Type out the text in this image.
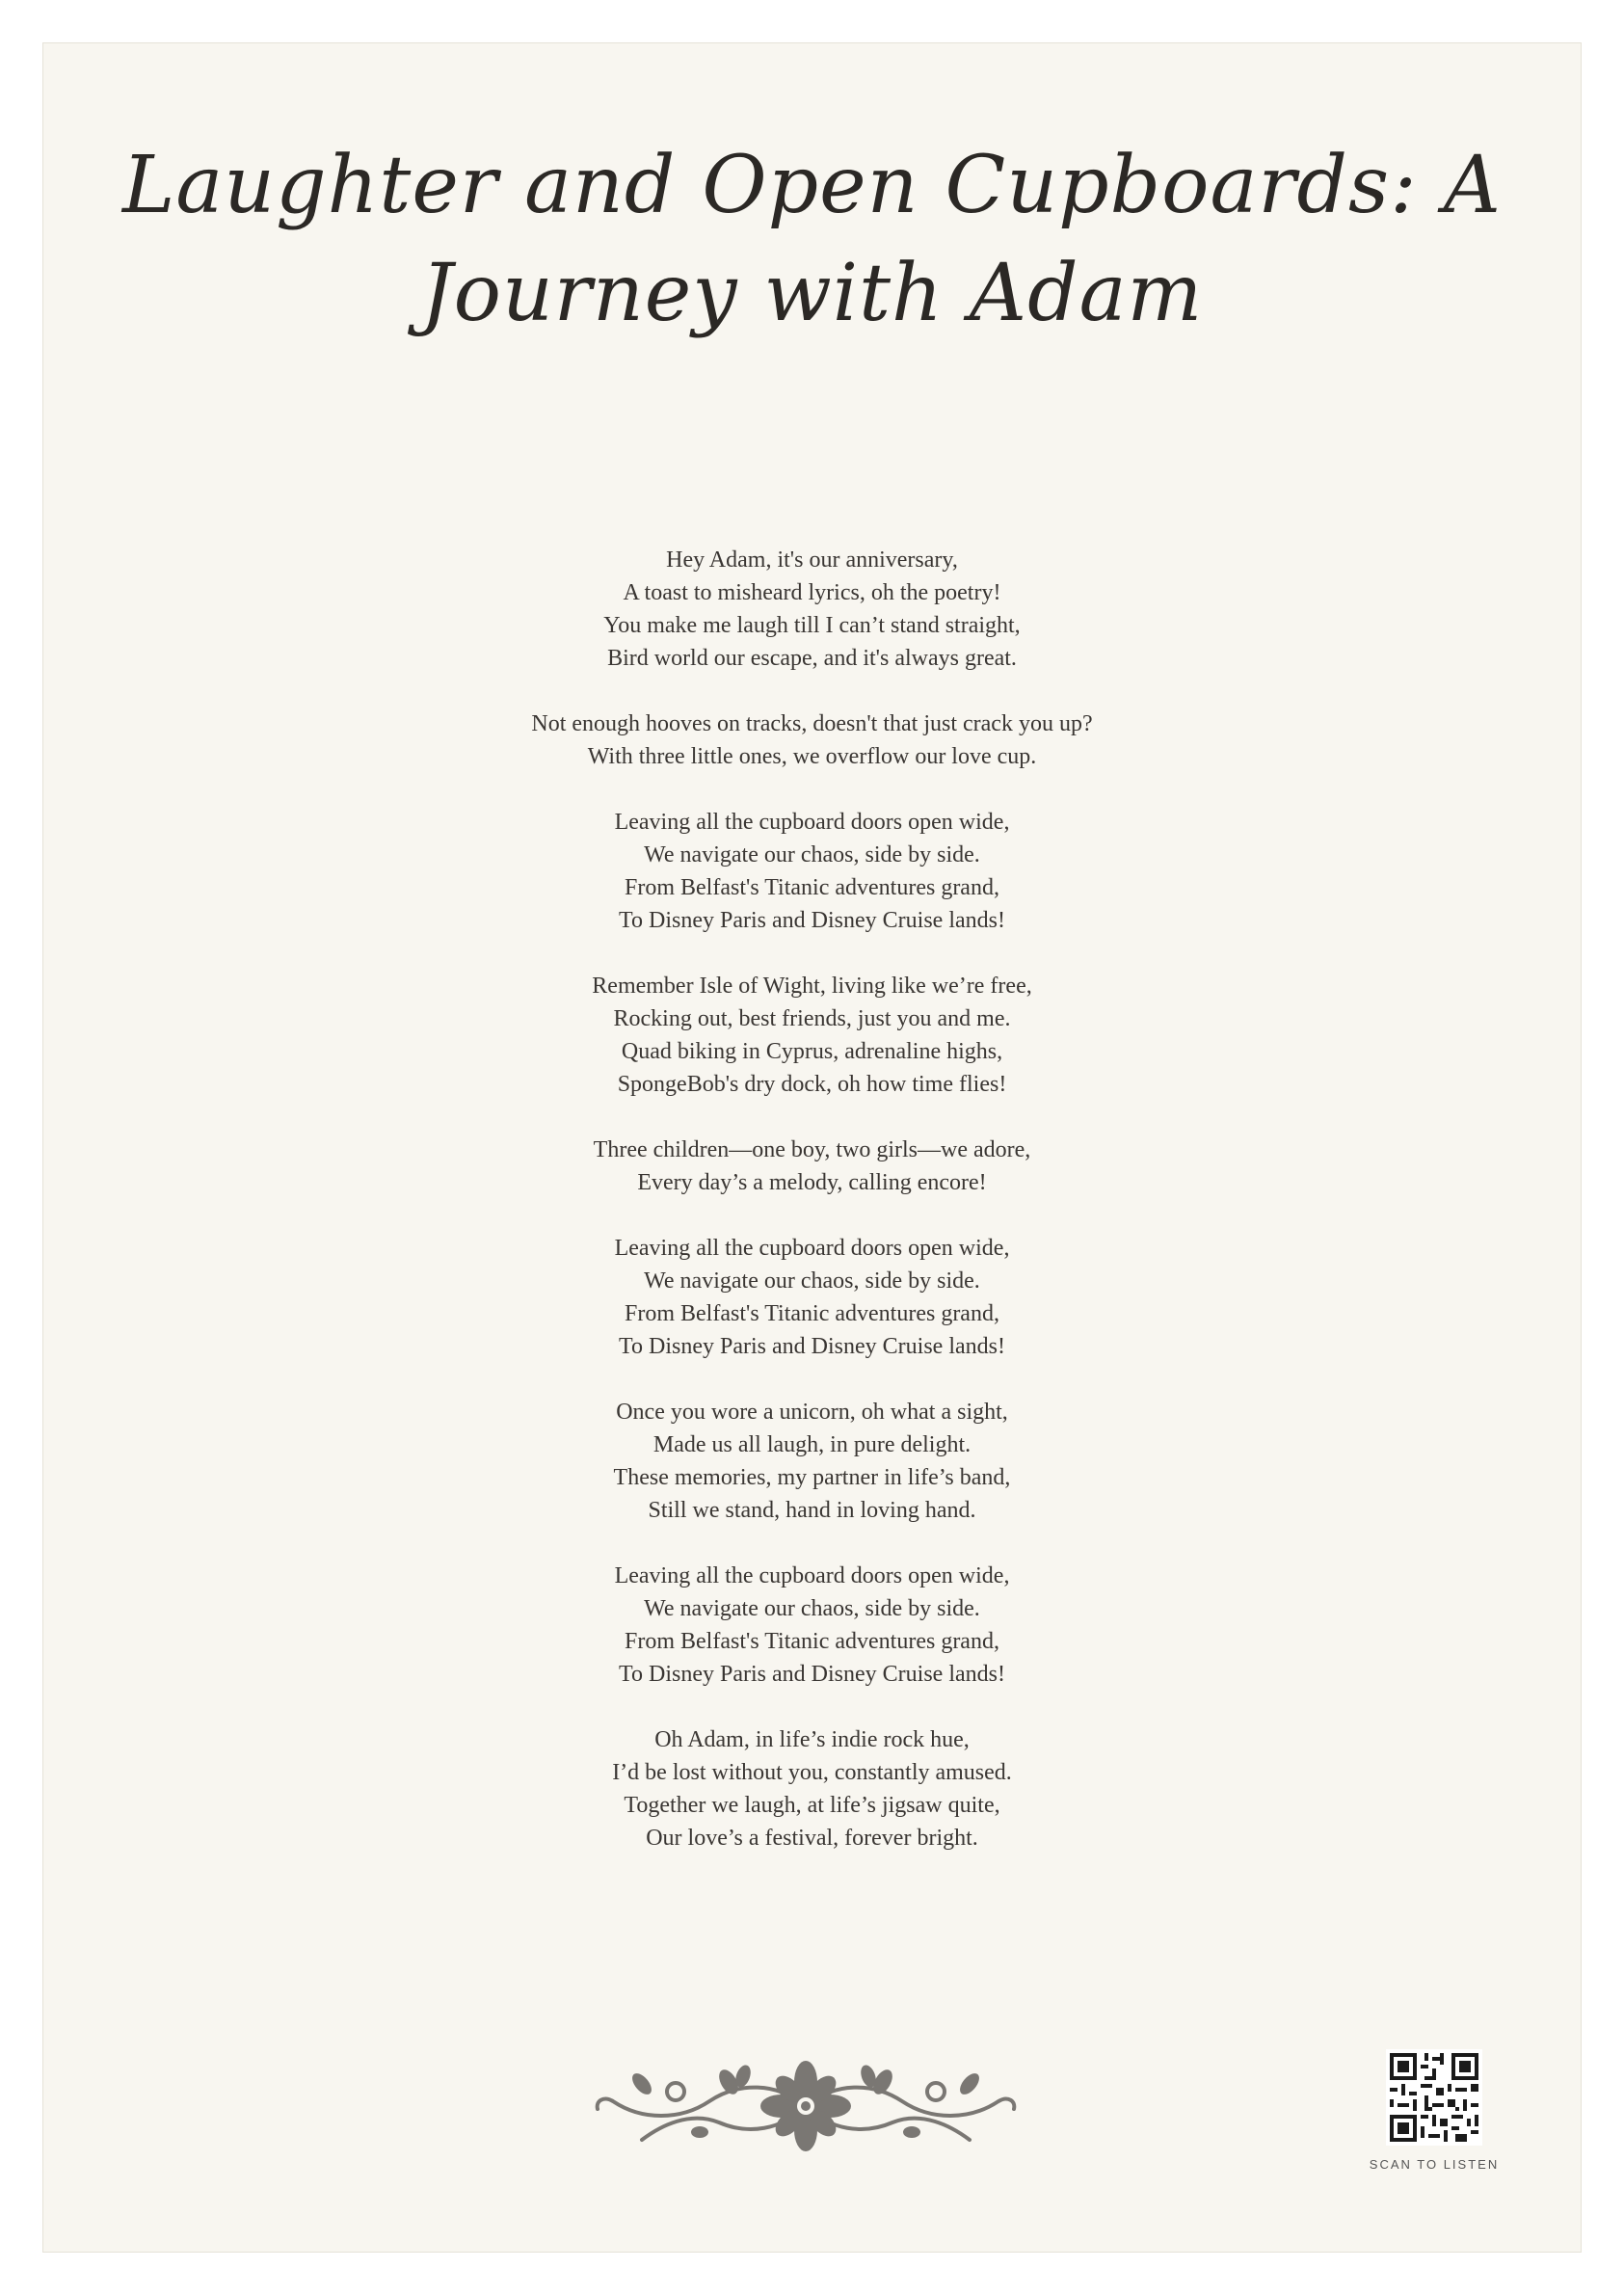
Laughter and Open Cupboards: A
Journey with Adam
Hey Adam, it's our anniversary,
A toast to misheard lyrics, oh the poetry!
You make me laugh till I can’t stand straight,
Bird world our escape, and it's always great.
Not enough hooves on tracks, doesn't that just crack you up?
With three little ones, we overflow our love cup.
Leaving all the cupboard doors open wide,
We navigate our chaos, side by side.
From Belfast's Titanic adventures grand,
To Disney Paris and Disney Cruise lands!
Remember Isle of Wight, living like we’re free,
Rocking out, best friends, just you and me.
Quad biking in Cyprus, adrenaline highs,
SpongeBob's dry dock, oh how time flies!
Three children—one boy, two girls—we adore,
Every day’s a melody, calling encore!
Leaving all the cupboard doors open wide,
We navigate our chaos, side by side.
From Belfast's Titanic adventures grand,
To Disney Paris and Disney Cruise lands!
Once you wore a unicorn, oh what a sight,
Made us all laugh, in pure delight.
These memories, my partner in life’s band,
Still we stand, hand in loving hand.
Leaving all the cupboard doors open wide,
We navigate our chaos, side by side.
From Belfast's Titanic adventures grand,
To Disney Paris and Disney Cruise lands!
Oh Adam, in life’s indie rock hue,
I’d be lost without you, constantly amused.
Together we laugh, at life’s jigsaw quite,
Our love’s a festival, forever bright.
SCAN TO LISTEN
